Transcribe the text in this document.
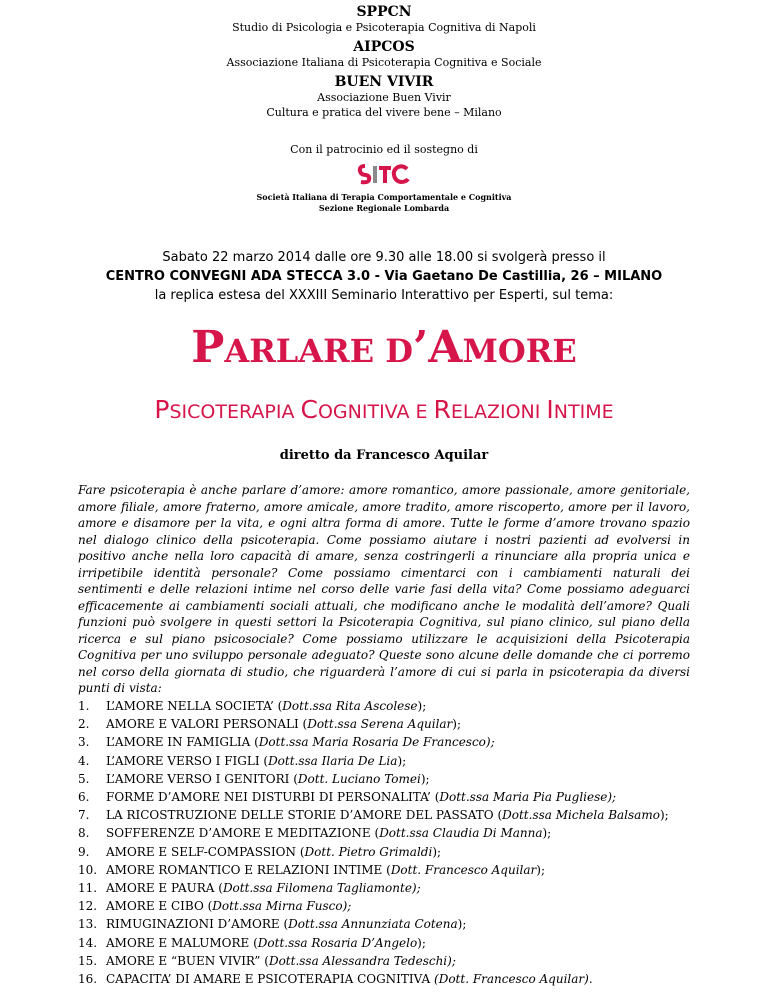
SPPCN
Studio di Psicologia e Psicoterapia Cognitiva di Napoli
AIPCOS
Associazione Italiana di Psicoterapia Cognitiva e Sociale
BUEN VIVIR
Associazione Buen Vivir
Cultura e pratica del vivere bene – Milano
Con il patrocinio ed il sostegno di
Società Italiana di Terapia Comportamentale e Cognitiva
Sezione Regionale Lombarda
Sabato 22 marzo 2014 dalle ore 9.30 alle 18.00 si svolgerà presso il
CENTRO CONVEGNI ADA STECCA 3.0 - Via Gaetano De Castillia, 26 – MILANO
la replica estesa del XXXIII Seminario Interattivo per Esperti, sul tema:
PARLARE D’AMORE
PSICOTERAPIA COGNITIVA E RELAZIONI INTIME
diretto da Francesco Aquilar
Fare psicoterapia è anche parlare d’amore: amore romantico, amore passionale, amore genitoriale, amore filiale, amore fraterno, amore amicale, amore tradito, amore riscoperto, amore per il lavoro, amore e disamore per la vita, e ogni altra forma di amore. Tutte le forme d’amore trovano spazio nel dialogo clinico della psicoterapia. Come possiamo aiutare i nostri pazienti ad evolversi in positivo anche nella loro capacità di amare, senza costringerli a rinunciare alla propria unica e irripetibile identità personale? Come possiamo cimentarci con i cambiamenti naturali dei sentimenti e delle relazioni intime nel corso delle varie fasi della vita? Come possiamo adeguarci efficacemente ai cambiamenti sociali attuali, che modificano anche le modalità dell’amore? Quali funzioni può svolgere in questi settori la Psicoterapia Cognitiva, sul piano clinico, sul piano della ricerca e sul piano psicosociale? Come possiamo utilizzare le acquisizioni della Psicoterapia Cognitiva per uno sviluppo personale adeguato? Queste sono alcune delle domande che ci porremo nel corso della giornata di studio, che riguarderà l’amore di cui si parla in psicoterapia da diversi punti di vista:
1. L’AMORE NELLA SOCIETA’ (Dott.ssa Rita Ascolese);
2. AMORE E VALORI PERSONALI (Dott.ssa Serena Aquilar);
3. L’AMORE IN FAMIGLIA (Dott.ssa Maria Rosaria De Francesco);
4. L’AMORE VERSO I FIGLI (Dott.ssa Ilaria De Lia);
5. L’AMORE VERSO I GENITORI (Dott. Luciano Tomei);
6. FORME D’AMORE NEI DISTURBI DI PERSONALITA’ (Dott.ssa Maria Pia Pugliese);
7. LA RICOSTRUZIONE DELLE STORIE D’AMORE DEL PASSATO (Dott.ssa Michela Balsamo);
8. SOFFERENZE D’AMORE E MEDITAZIONE (Dott.ssa Claudia Di Manna);
9. AMORE E SELF-COMPASSION (Dott. Pietro Grimaldi);
10. AMORE ROMANTICO E RELAZIONI INTIME (Dott. Francesco Aquilar);
11. AMORE E PAURA (Dott.ssa Filomena Tagliamonte);
12. AMORE E CIBO (Dott.ssa Mirna Fusco);
13. RIMUGINAZIONI D’AMORE (Dott.ssa Annunziata Cotena);
14. AMORE E MALUMORE (Dott.ssa Rosaria D’Angelo);
15. AMORE E “BUEN VIVIR” (Dott.ssa Alessandra Tedeschi);
16. CAPACITA’ DI AMARE E PSICOTERAPIA COGNITIVA (Dott. Francesco Aquilar).
